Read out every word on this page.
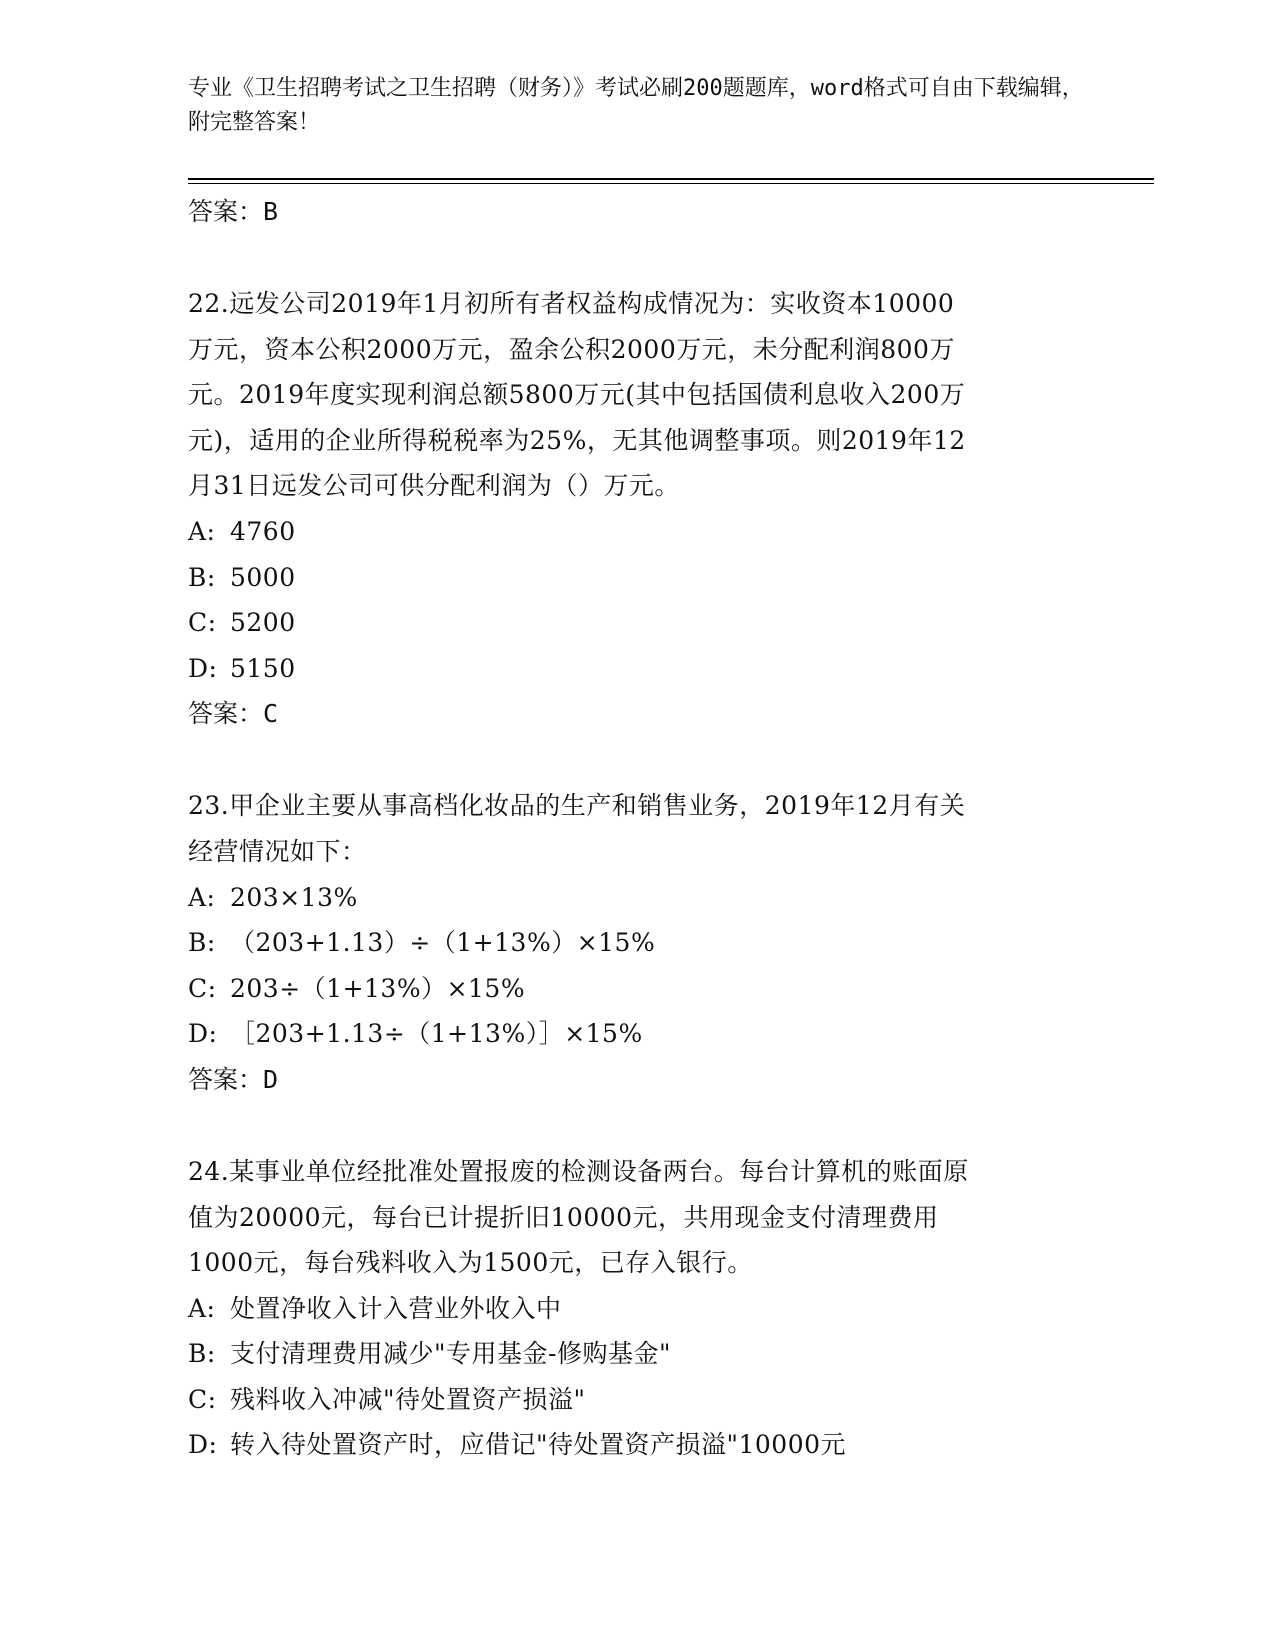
专业《卫生招聘考试之卫生招聘（财务）》考试必刷200题题库，word格式可自由下载编辑，附完整答案！
答案：B
22.远发公司2019年1月初所有者权益构成情况为：实收资本10000
万元，资本公积2000万元，盈余公积2000万元，未分配利润800万
元。2019年度实现利润总额5800万元(其中包括国债利息收入200万
元)，适用的企业所得税税率为25%，无其他调整事项。则2019年12
月31日远发公司可供分配利润为（）万元。
A: 4760
B: 5000
C: 5200
D: 5150
答案：C
23.甲企业主要从事高档化妆品的生产和销售业务，2019年12月有关
经营情况如下：
A: 203×13%
B: （203+1.13）÷（1+13%）×15%
C: 203÷（1+13%）×15%
D: ［203+1.13÷（1+13%）］×15%
答案：D
24.某事业单位经批准处置报废的检测设备两台。每台计算机的账面原
值为20000元，每台已计提折旧10000元，共用现金支付清理费用
1000元，每台残料收入为1500元，已存入银行。
A: 处置净收入计入营业外收入中
B: 支付清理费用减少"专用基金-修购基金"
C: 残料收入冲减"待处置资产损溢"
D: 转入待处置资产时，应借记"待处置资产损溢"10000元
